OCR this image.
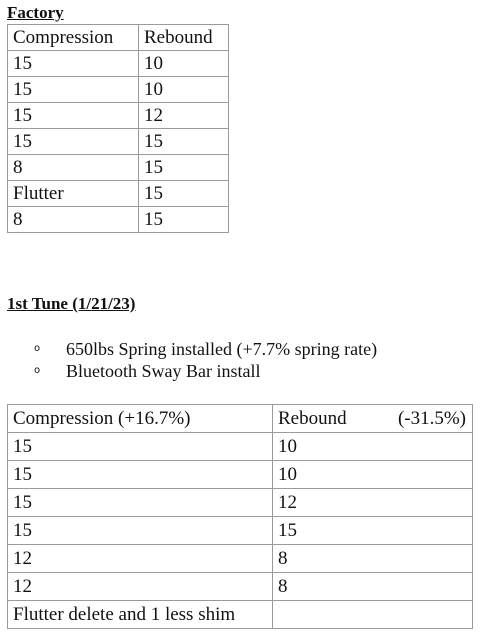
Factory
Compression	Rebound
15	10
15	10
15	12
15	15
8	15
Flutter	15
8	15
1st Tune (1/21/23)
o 650lbs Spring installed (+7.7% spring rate)
o Bluetooth Sway Bar install
Compression (+16.7%)	Rebound (-31.5%)

15	10
15	10
15	12
15	15
12	8
12	8
Flutter delete and 1 less shim	
